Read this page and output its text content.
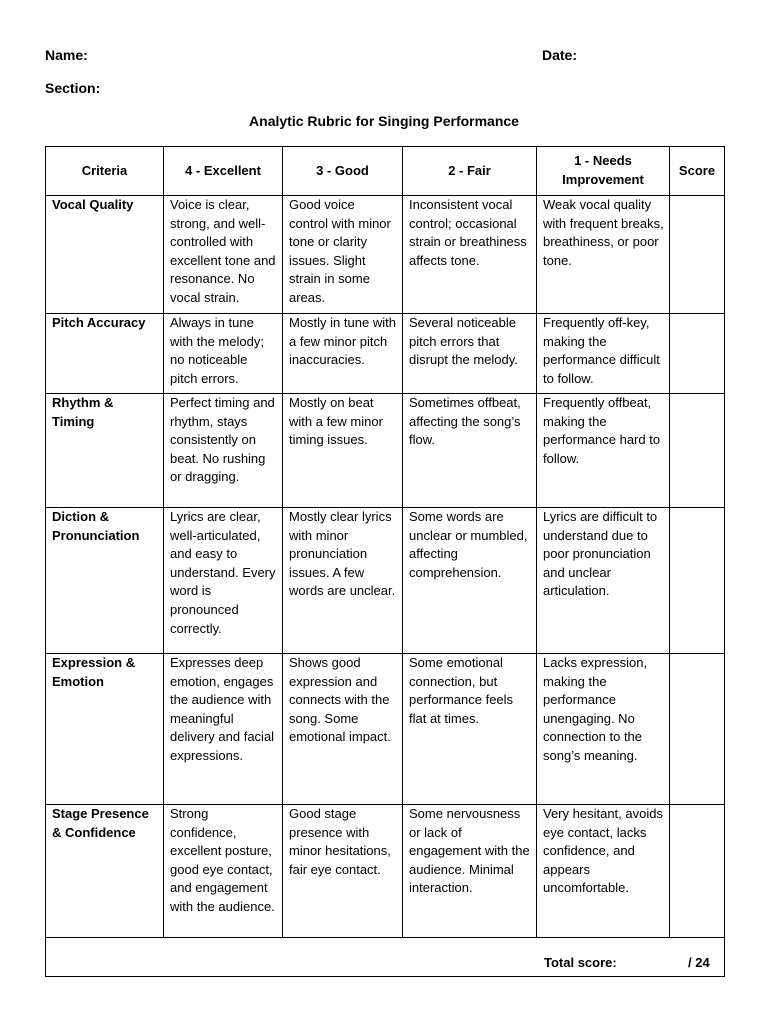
Name:	Date:
Section:
Analytic Rubric for Singing Performance
Criteria	4 - Excellent	3 - Good	2 - Fair	1 - Needs Improvement	Score
Vocal Quality	Voice is clear, strong, and well-controlled with excellent tone and resonance. No vocal strain.	Good voice control with minor tone or clarity issues. Slight strain in some areas.	Inconsistent vocal control; occasional strain or breathiness affects tone.	Weak vocal quality with frequent breaks, breathiness, or poor tone.	
Pitch Accuracy	Always in tune with the melody; no noticeable pitch errors.	Mostly in tune with a few minor pitch inaccuracies.	Several noticeable pitch errors that disrupt the melody.	Frequently off-key, making the performance difficult to follow.	
Rhythm & Timing	Perfect timing and rhythm, stays consistently on beat. No rushing or dragging.	Mostly on beat with a few minor timing issues.	Sometimes offbeat, affecting the song’s flow.	Frequently offbeat, making the performance hard to follow.	
Diction & Pronunciation	Lyrics are clear, well-articulated, and easy to understand. Every word is pronounced correctly.	Mostly clear lyrics with minor pronunciation issues. A few words are unclear.	Some words are unclear or mumbled, affecting comprehension.	Lyrics are difficult to understand due to poor pronunciation and unclear articulation.	
Expression & Emotion	Expresses deep emotion, engages the audience with meaningful delivery and facial expressions.	Shows good expression and connects with the song. Some emotional impact.	Some emotional connection, but performance feels flat at times.	Lacks expression, making the performance unengaging. No connection to the song’s meaning.	
Stage Presence & Confidence	Strong confidence, excellent posture, good eye contact, and engagement with the audience.	Good stage presence with minor hesitations, fair eye contact.	Some nervousness or lack of engagement with the audience. Minimal interaction.	Very hesitant, avoids eye contact, lacks confidence, and appears uncomfortable.	

Total score: / 24					
